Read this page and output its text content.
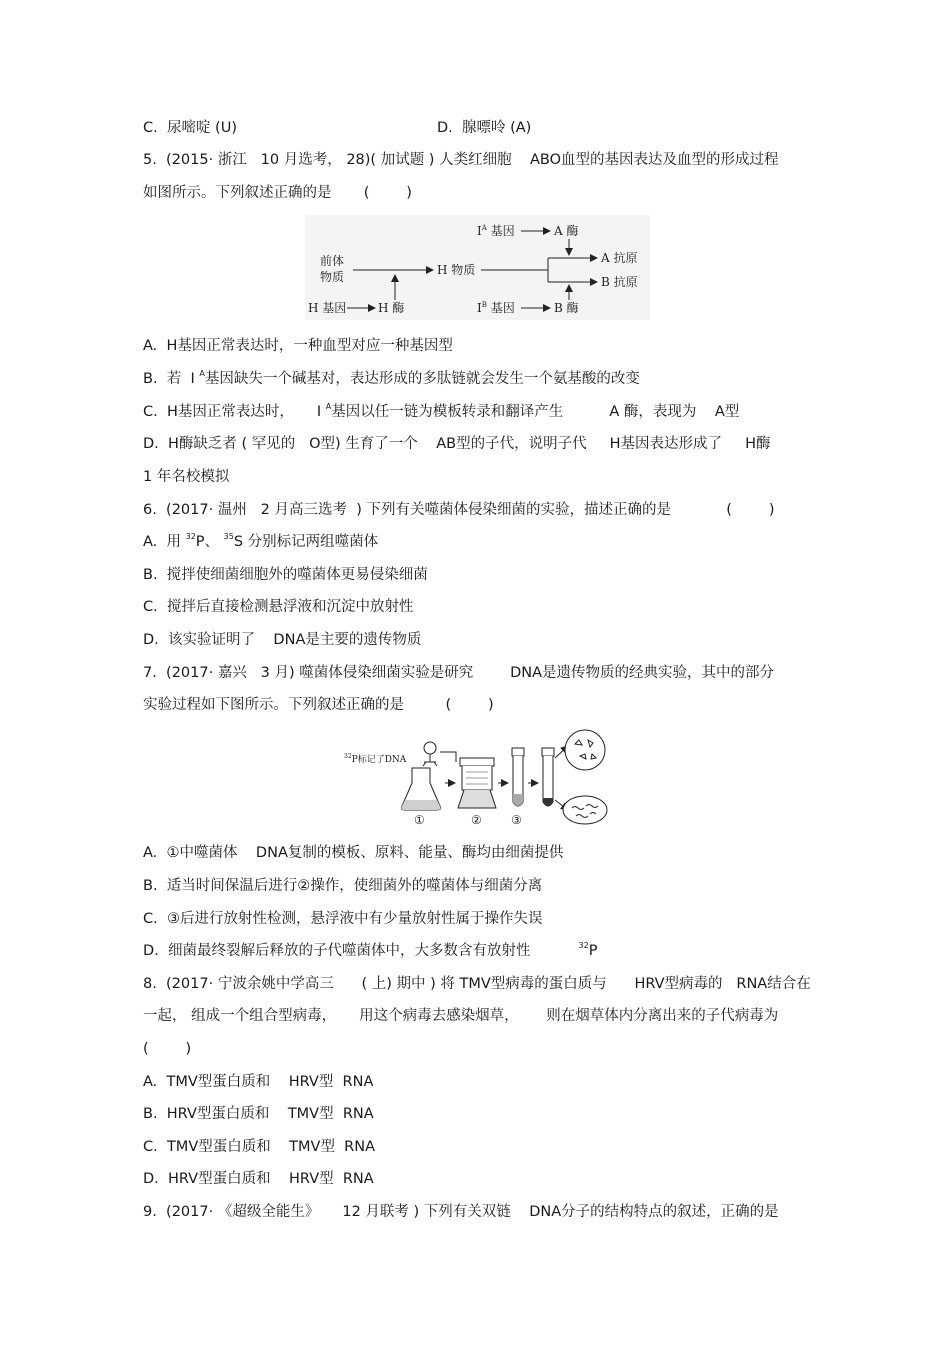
C.  尿嘧啶 (U)	D.  腺嘌呤 (A)
5.  (2015· 浙江   10 月选考， 28)( 加试题 ) 人类红细胞    ABO血型的基因表达及血型的形成过程
如图所示。下列叙述正确的是       (        )
前体
物质	H 物质
A 抗原
B 抗原
H 基因	H 酶
$I^A$ 基因	A 酶
$I^B$ 基因	B 酶
A.  H基因正常表达时，一种血型对应一种基因型
B.  若  I $^A$基因缺失一个碱基对，表达形成的多肽链就会发生一个氨基酸的改变
C.  H基因正常表达时，     I $^A$基因以任一链为模板转录和翻译产生          A 酶，表现为    A型
D.  H酶缺乏者 ( 罕见的   O型) 生育了一个    AB型的子代，说明子代     H基因表达形成了     H酶
1 年名校模拟
6.  (2017· 温州   2 月高三选考  ) 下列有关噬菌体侵染细菌的实验，描述正确的是            (        )
A.  用 $^{32}$P、 $^{35}$S 分别标记两组噬菌体
B.  搅拌使细菌细胞外的噬菌体更易侵染细菌
C.  搅拌后直接检测悬浮液和沉淀中放射性
D.  该实验证明了    DNA是主要的遗传物质
7.  (2017· 嘉兴   3 月) 噬菌体侵染细菌实验是研究        DNA是遗传物质的经典实验，其中的部分
实验过程如下图所示。下列叙述正确的是         (        )
$^{32}$P标记了DNA
①	② ③
A.  ①中噬菌体    DNA复制的模板、原料、能量、酶均由细菌提供
B.  适当时间保温后进行②操作，使细菌外的噬菌体与细菌分离
C.  ③后进行放射性检测，悬浮液中有少量放射性属于操作失误
D.  细菌最终裂解后释放的子代噬菌体中，大多数含有放射性	$^{32}$P
8.  (2017· 宁波余姚中学高三      ( 上) 期中 ) 将 TMV型病毒的蛋白质与      HRV型病毒的   RNA结合在
一起， 组成一个组合型病毒，     用这个病毒去感染烟草，      则在烟草体内分离出来的子代病毒为
(        )
A.  TMV型蛋白质和    HRV型  RNA
B.  HRV型蛋白质和    TMV型  RNA
C.  TMV型蛋白质和    TMV型  RNA
D.  HRV型蛋白质和    HRV型  RNA
9.  (2017· 《超级全能生》     12 月联考 ) 下列有关双链    DNA分子的结构特点的叙述，正确的是
